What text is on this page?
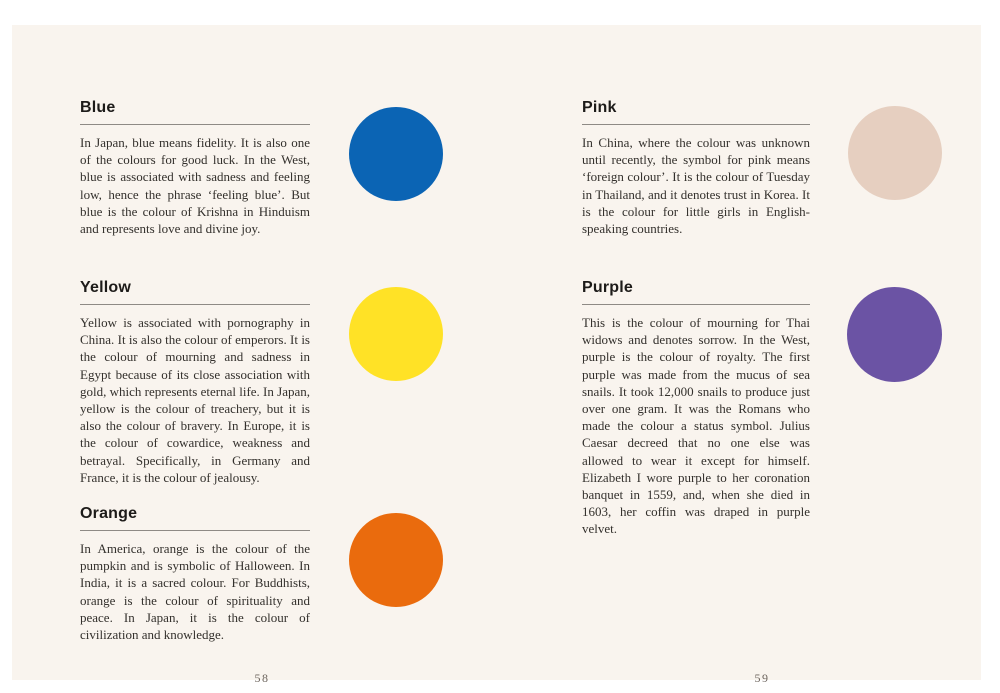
Blue

In Japan, blue means fidelity. It is also one of the colours for good luck. In the West, blue is associated with sadness and feeling low, hence the phrase ‘feeling blue’. But blue is the colour of Krishna in Hinduism and represents love and divine joy.

Yellow

Yellow is associated with pornography in China. It is also the colour of emperors. It is the colour of mourning and sadness in Egypt because of its close association with gold, which represents eternal life. In Japan, yellow is the colour of treachery, but it is also the colour of bravery. In Europe, it is the colour of cowardice, weakness and betrayal. Specifically, in Germany and France, it is the colour of jealousy.

Orange

In America, orange is the colour of the pumpkin and is symbolic of Halloween. In India, it is a sacred colour. For Buddhists, orange is the colour of spirituality and peace. In Japan, it is the colour of civilization and knowledge.

58
Pink

In China, where the colour was unknown until recently, the symbol for pink means ‘foreign colour’. It is the colour of Tuesday in Thailand, and it denotes trust in Korea. It is the colour for little girls in English-speaking countries.

Purple

This is the colour of mourning for Thai widows and denotes sorrow. In the West, purple is the colour of royalty. The first purple was made from the mucus of sea snails. It took 12,000 snails to produce just over one gram. It was the Romans who made the colour a status symbol. Julius Caesar decreed that no one else was allowed to wear it except for himself. Elizabeth I wore purple to her coronation banquet in 1559, and, when she died in 1603, her coffin was draped in purple velvet.

59
